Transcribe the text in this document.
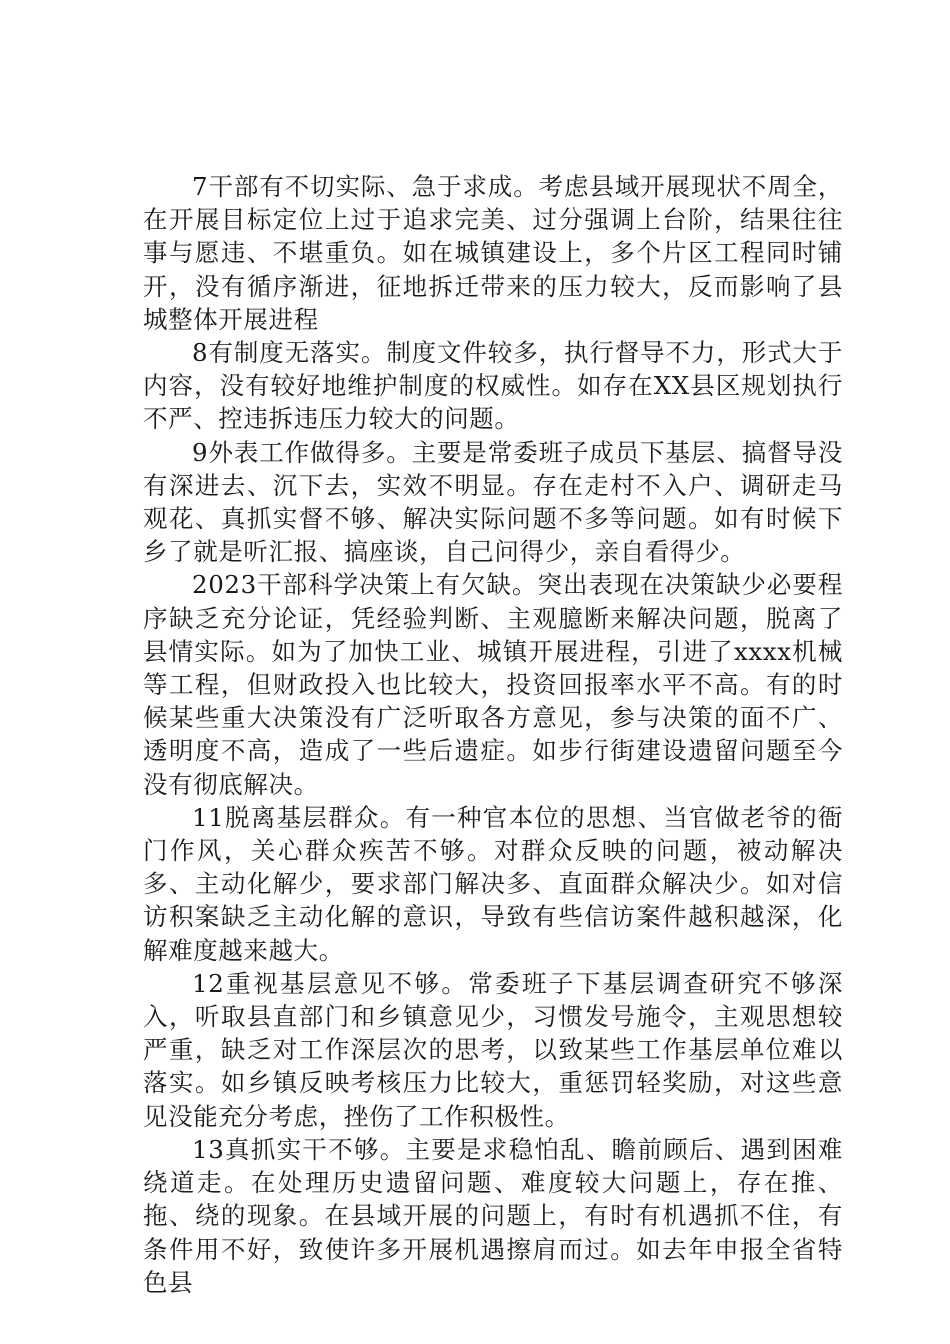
7干部有不切实际、急于求成。考虑县域开展现状不周全，在开展目标定位上过于追求完美、过分强调上台阶，结果往往事与愿违、不堪重负。如在城镇建设上，多个片区工程同时铺开，没有循序渐进，征地拆迁带来的压力较大，反而影响了县城整体开展进程

8有制度无落实。制度文件较多，执行督导不力，形式大于内容，没有较好地维护制度的权威性。如存在XX县区规划执行不严、控违拆违压力较大的问题。

9外表工作做得多。主要是常委班子成员下基层、搞督导没有深进去、沉下去，实效不明显。存在走村不入户、调研走马观花、真抓实督不够、解决实际问题不多等问题。如有时候下乡了就是听汇报、搞座谈，自己问得少，亲自看得少。

2023干部科学决策上有欠缺。突出表现在决策缺少必要程序缺乏充分论证，凭经验判断、主观臆断来解决问题，脱离了县情实际。如为了加快工业、城镇开展进程，引进了xxxx机械等工程，但财政投入也比较大，投资回报率水平不高。有的时候某些重大决策没有广泛听取各方意见，参与决策的面不广、透明度不高，造成了一些后遗症。如步行街建设遗留问题至今没有彻底解决。

11脱离基层群众。有一种官本位的思想、当官做老爷的衙门作风，关心群众疾苦不够。对群众反映的问题，被动解决多、主动化解少，要求部门解决多、直面群众解决少。如对信访积案缺乏主动化解的意识，导致有些信访案件越积越深，化解难度越来越大。

12重视基层意见不够。常委班子下基层调查研究不够深入，听取县直部门和乡镇意见少，习惯发号施令，主观思想较严重，缺乏对工作深层次的思考，以致某些工作基层单位难以落实。如乡镇反映考核压力比较大，重惩罚轻奖励，对这些意见没能充分考虑，挫伤了工作积极性。

13真抓实干不够。主要是求稳怕乱、瞻前顾后、遇到困难绕道走。在处理历史遗留问题、难度较大问题上，存在推、拖、绕的现象。在县域开展的问题上，有时有机遇抓不住，有条件用不好，致使许多开展机遇擦肩而过。如去年申报全省特色县
